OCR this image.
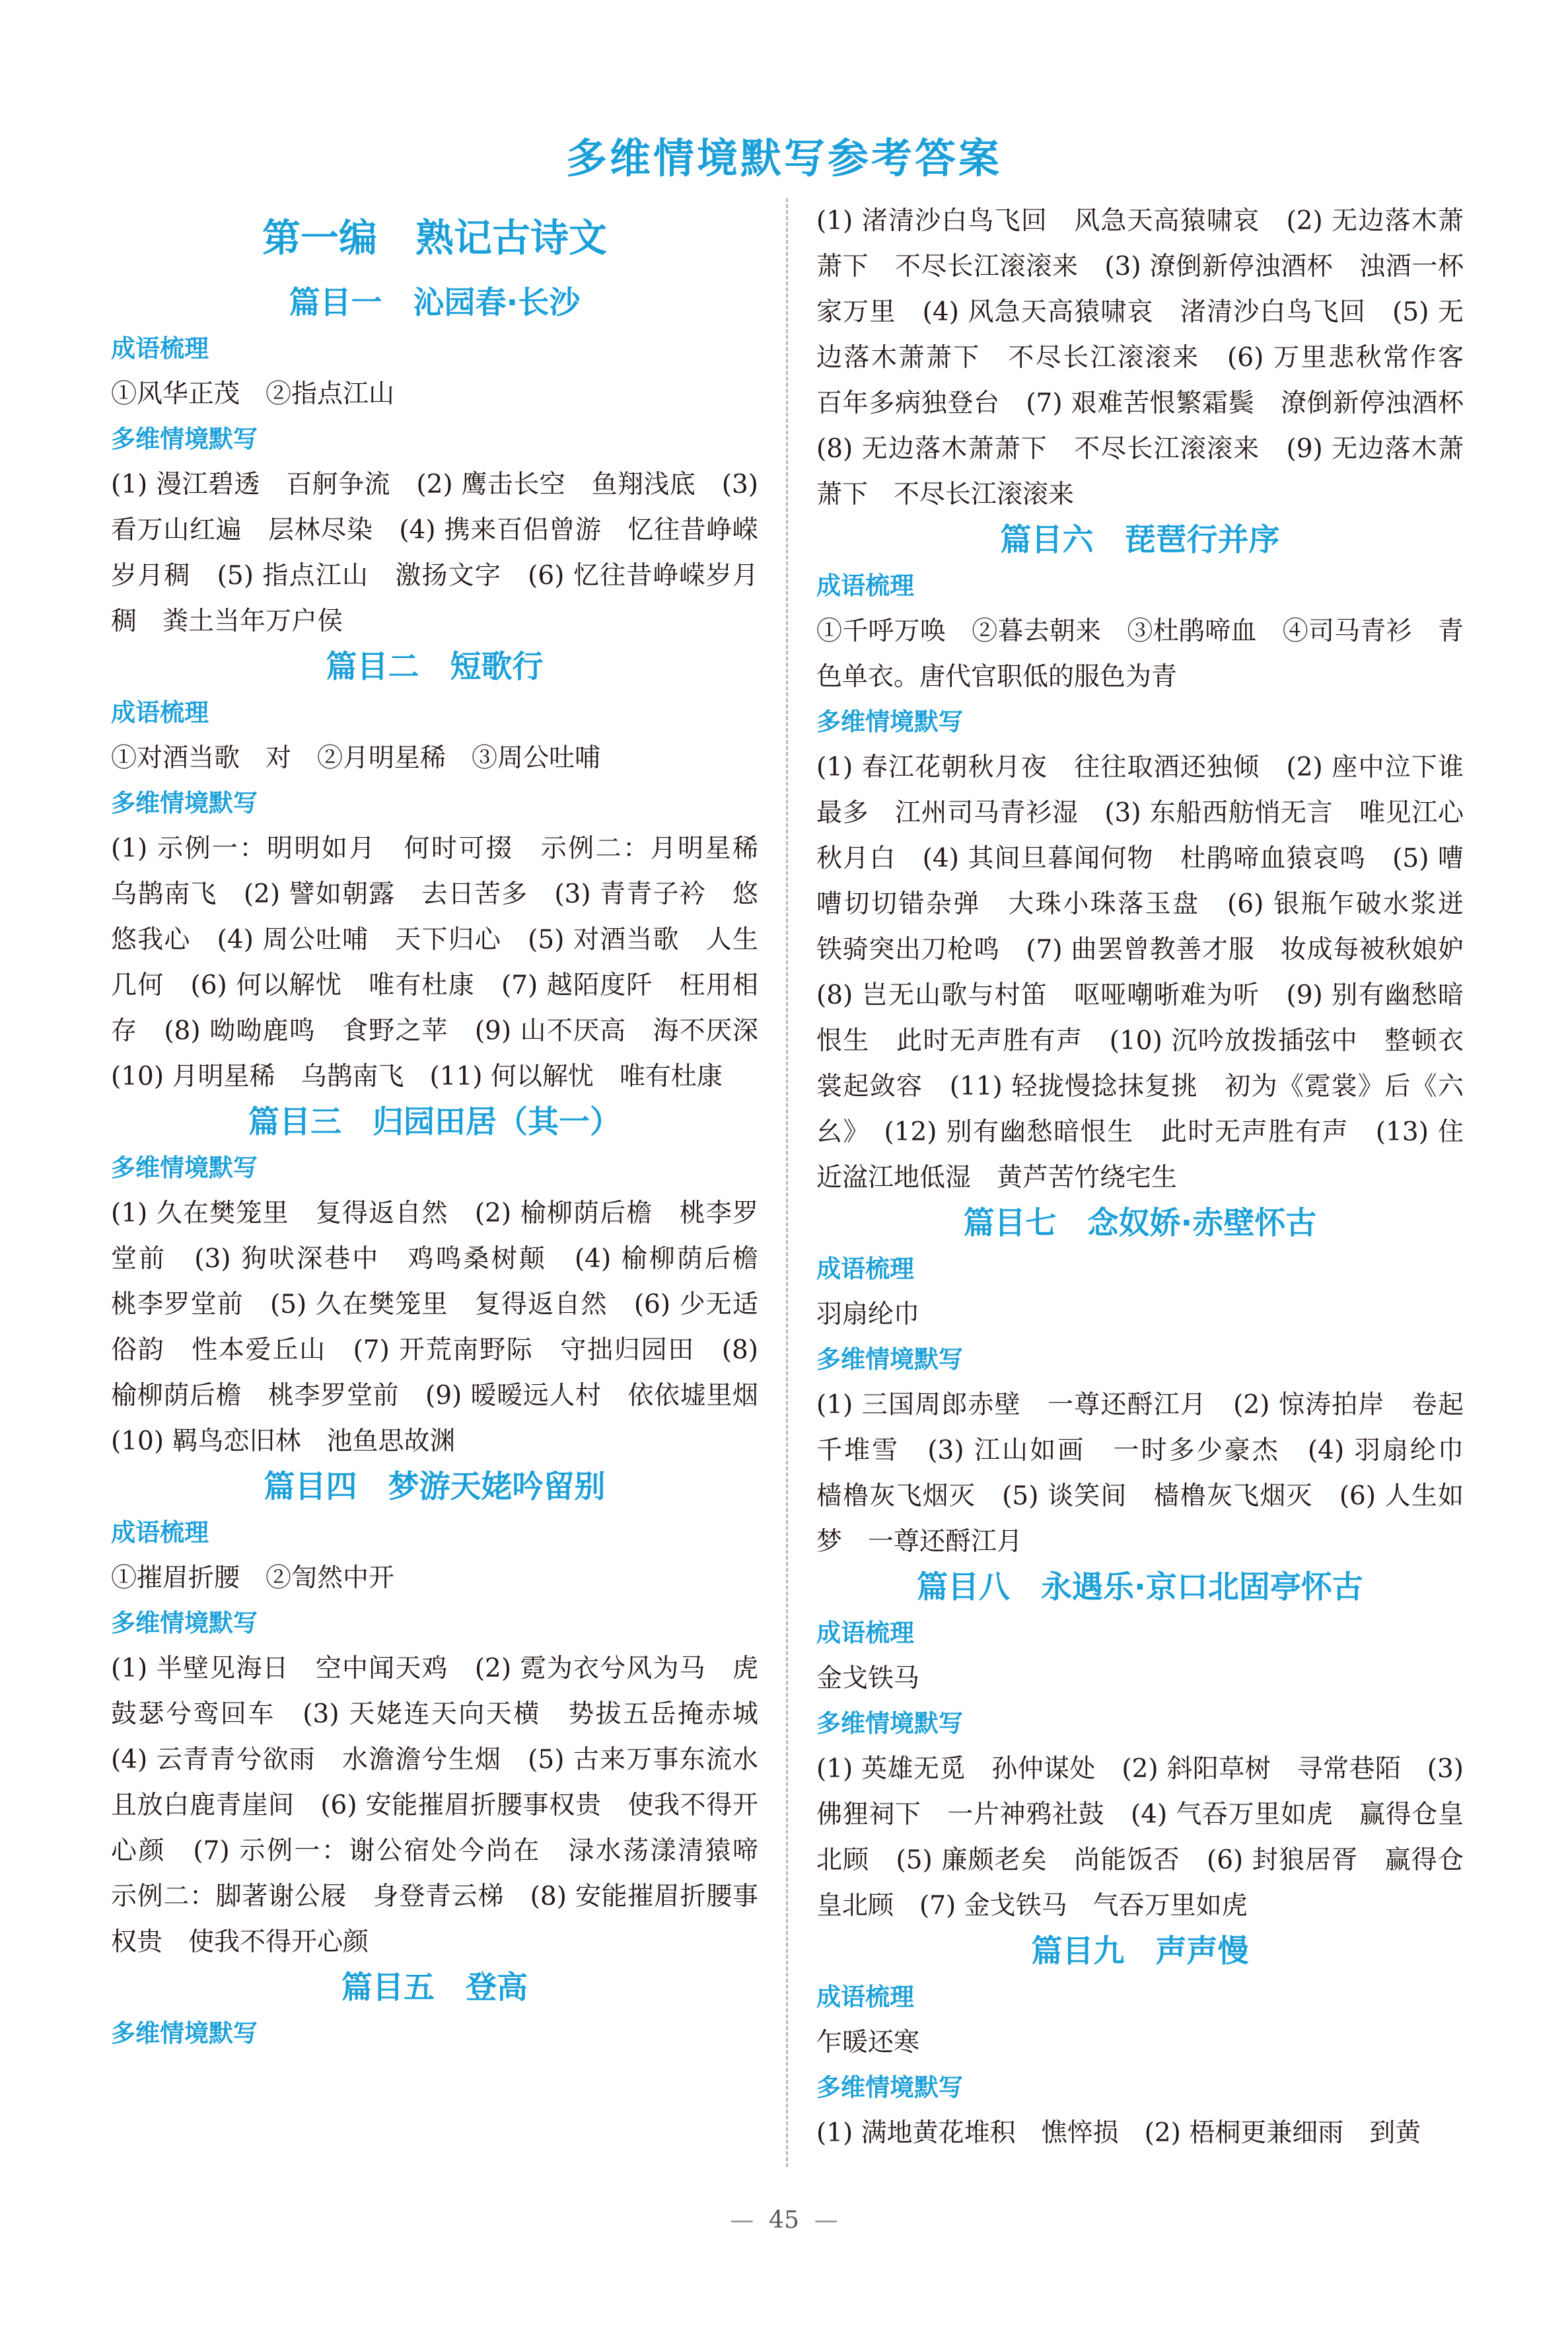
多维情境默写参考答案
第一编　熟记古诗文
篇目一　沁园春·长沙
成语梳理

①风华正茂　②指点江山

多维情境默写

(1) 漫江碧透　百舸争流　(2) 鹰击长空　鱼翔浅底　(3) 看万山红遍　层林尽染　(4) 携来百侣曾游　忆往昔峥嵘岁月稠　(5) 指点江山　激扬文字　(6) 忆往昔峥嵘岁月稠　粪土当年万户侯

篇目二　短歌行
成语梳理

①对酒当歌　对　②月明星稀　③周公吐哺

多维情境默写

(1) 示例一：明明如月　何时可掇　示例二：月明星稀　乌鹊南飞　(2) 譬如朝露　去日苦多　(3) 青青子衿　悠悠我心　(4) 周公吐哺　天下归心　(5) 对酒当歌　人生几何　(6) 何以解忧　唯有杜康　(7) 越陌度阡　枉用相存　(8) 呦呦鹿鸣　食野之苹　(9) 山不厌高　海不厌深　(10) 月明星稀　乌鹊南飞　(11) 何以解忧　唯有杜康

篇目三　归园田居（其一）
多维情境默写

(1) 久在樊笼里　复得返自然　(2) 榆柳荫后檐　桃李罗堂前　(3) 狗吠深巷中　鸡鸣桑树颠　(4) 榆柳荫后檐　桃李罗堂前　(5) 久在樊笼里　复得返自然　(6) 少无适俗韵　性本爱丘山　(7) 开荒南野际　守拙归园田　(8) 榆柳荫后檐　桃李罗堂前　(9) 暧暧远人村　依依墟里烟　(10) 羁鸟恋旧林　池鱼思故渊

篇目四　梦游天姥吟留别
成语梳理

①摧眉折腰　②訇然中开

多维情境默写

(1) 半壁见海日　空中闻天鸡　(2) 霓为衣兮风为马　虎鼓瑟兮鸾回车　(3) 天姥连天向天横　势拔五岳掩赤城　(4) 云青青兮欲雨　水澹澹兮生烟　(5) 古来万事东流水　且放白鹿青崖间　(6) 安能摧眉折腰事权贵　使我不得开心颜　(7) 示例一：谢公宿处今尚在　渌水荡漾清猿啼　示例二：脚著谢公屐　身登青云梯　(8) 安能摧眉折腰事权贵　使我不得开心颜

篇目五　登高
多维情境默写

(1) 渚清沙白鸟飞回　风急天高猿啸哀　(2) 无边落木萧萧下　不尽长江滚滚来　(3) 潦倒新停浊酒杯　浊酒一杯家万里　(4) 风急天高猿啸哀　渚清沙白鸟飞回　(5) 无边落木萧萧下　不尽长江滚滚来　(6) 万里悲秋常作客　百年多病独登台　(7) 艰难苦恨繁霜鬓　潦倒新停浊酒杯　(8) 无边落木萧萧下　不尽长江滚滚来　(9) 无边落木萧萧下　不尽长江滚滚来

篇目六　琵琶行并序
成语梳理

①千呼万唤　②暮去朝来　③杜鹃啼血　④司马青衫　青色单衣。唐代官职低的服色为青

多维情境默写

(1) 春江花朝秋月夜　往往取酒还独倾　(2) 座中泣下谁最多　江州司马青衫湿　(3) 东船西舫悄无言　唯见江心秋月白　(4) 其间旦暮闻何物　杜鹃啼血猿哀鸣　(5) 嘈嘈切切错杂弹　大珠小珠落玉盘　(6) 银瓶乍破水浆迸　铁骑突出刀枪鸣　(7) 曲罢曾教善才服　妆成每被秋娘妒　(8) 岂无山歌与村笛　呕哑嘲哳难为听　(9) 别有幽愁暗恨生　此时无声胜有声　(10) 沉吟放拨插弦中　整顿衣裳起敛容　(11) 轻拢慢捻抹复挑　初为《霓裳》后《六幺》　(12) 别有幽愁暗恨生　此时无声胜有声　(13) 住近湓江地低湿　黄芦苦竹绕宅生

篇目七　念奴娇·赤壁怀古
成语梳理

羽扇纶巾

多维情境默写

(1) 三国周郎赤壁　一尊还酹江月　(2) 惊涛拍岸　卷起千堆雪　(3) 江山如画　一时多少豪杰　(4) 羽扇纶巾　樯橹灰飞烟灭　(5) 谈笑间　樯橹灰飞烟灭　(6) 人生如梦　一尊还酹江月

篇目八　永遇乐·京口北固亭怀古
成语梳理

金戈铁马

多维情境默写

(1) 英雄无觅　孙仲谋处　(2) 斜阳草树　寻常巷陌　(3) 佛狸祠下　一片神鸦社鼓　(4) 气吞万里如虎　赢得仓皇北顾　(5) 廉颇老矣　尚能饭否　(6) 封狼居胥　赢得仓皇北顾　(7) 金戈铁马　气吞万里如虎

篇目九　声声慢
成语梳理

乍暖还寒

多维情境默写

(1) 满地黄花堆积　憔悴损　(2) 梧桐更兼细雨　到黄

— 45 —
